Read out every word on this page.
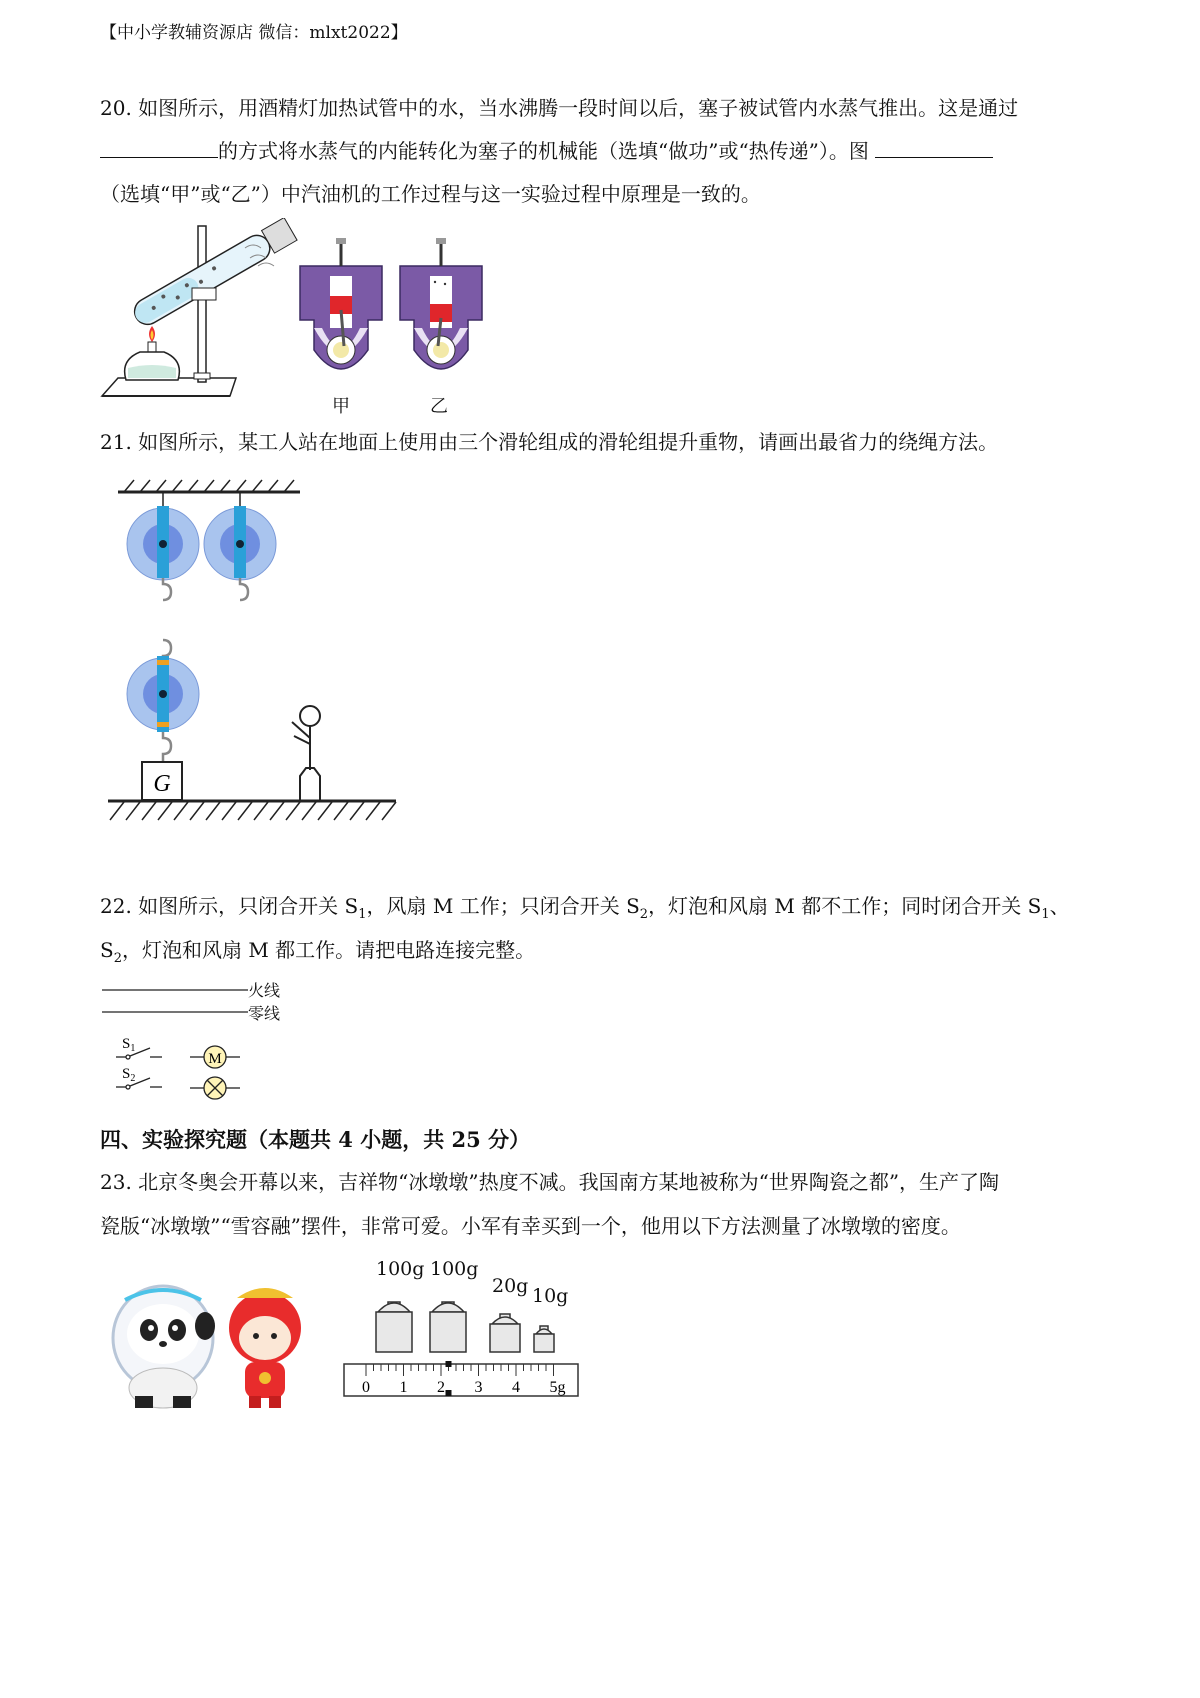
【中小学教辅资源店 微信：mlxt2022】
20. 如图所示，用酒精灯加热试管中的水，当水沸腾一段时间以后，塞子被试管内水蒸气推出。这是通过
的方式将水蒸气的内能转化为塞子的机械能（选填“做功”或“热传递”）。图
（选填“甲”或“乙”）中汽油机的工作过程与这一实验过程中原理是一致的。
甲	乙
21. 如图所示，某工人站在地面上使用由三个滑轮组成的滑轮组提升重物，请画出最省力的绕绳方法。
G
22. 如图所示，只闭合开关 $S_1$，风扇 M 工作；只闭合开关 $S_2$，灯泡和风扇 M 都不工作；同时闭合开关 $S_1$、
$S_2$，灯泡和风扇 M 都工作。请把电路连接完整。
$S_1$
$S_2$
M
火线
零线
四、实验探究题（本题共 4 小题，共 25 分）
23. 北京冬奥会开幕以来，吉祥物“冰墩墩”热度不减。我国南方某地被称为“世界陶瓷之都”，生产了陶
瓷版“冰墩墩”“雪容融”摆件，非常可爱。小军有幸买到一个，他用以下方法测量了冰墩墩的密度。
100g 100g
20g 10g
0 1 2 3 4 5g
